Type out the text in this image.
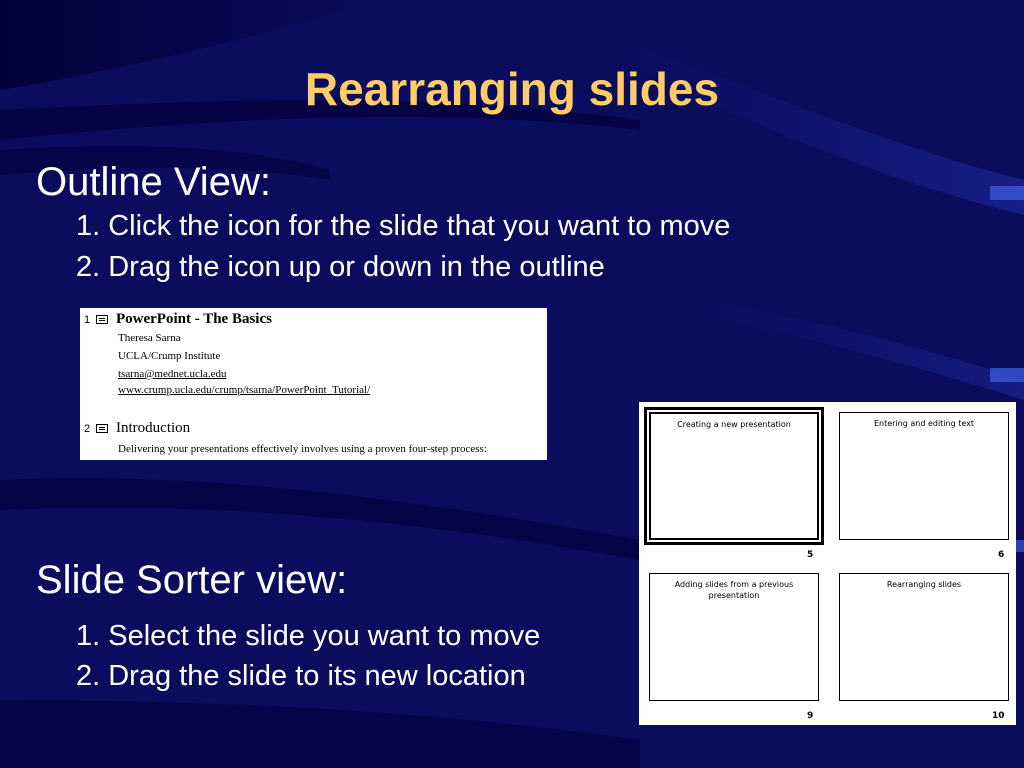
Rearranging slides
Outline View:
1. Click the icon for the slide that you want to move
2. Drag the icon up or down in the outline
1 PowerPoint - The Basics
Theresa Sarna
UCLA/Crump Institute
tsarna@mednet.ucla.edu
www.crump.ucla.edu/crump/tsarna/PowerPoint_Tutorial/
2 Introduction
Delivering your presentations effectively involves using a proven four-step process:
Slide Sorter view:
1. Select the slide you want to move
2. Drag the slide to its new location
Creating a new presentation
5
Entering and editing text
6
Adding slides from a previous presentation
9
Rearranging slides
10
